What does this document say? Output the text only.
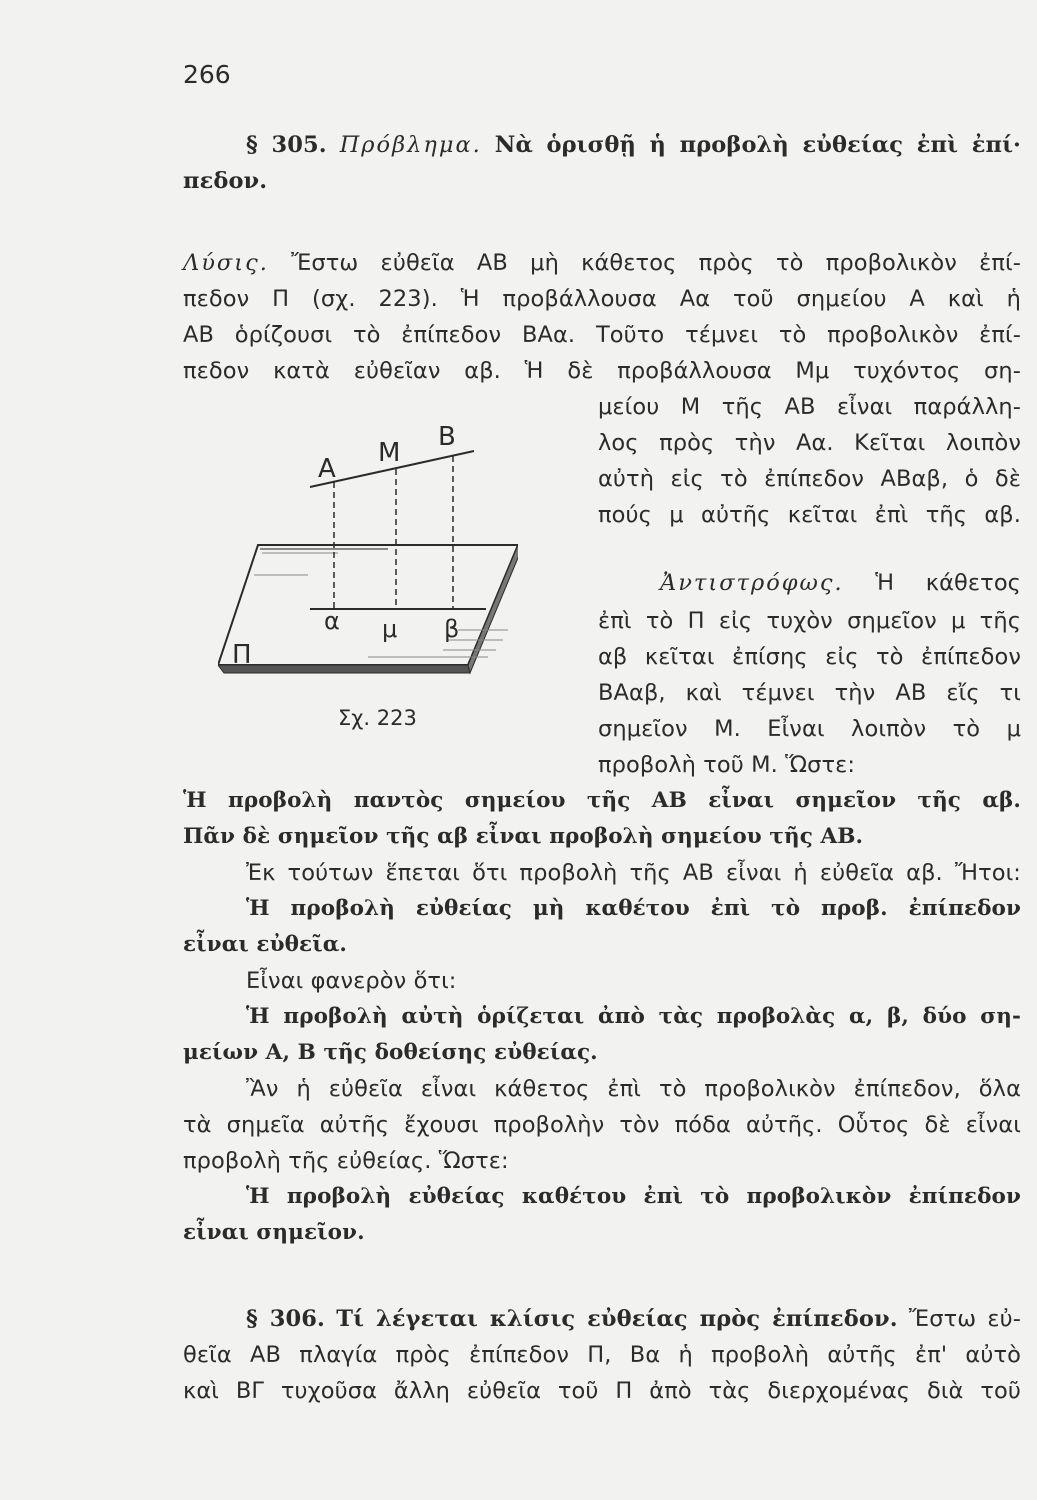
266
§ 305. Πρόβλημα. Νὰ ὁρισθῇ ἡ προβολὴ εὐθείας ἐπὶ ἐπί·
πεδον.
Λύσις. Ἔστω εὐθεῖα ΑΒ μὴ κάθετος πρὸς τὸ προβολικὸν ἐπί-
πεδον Π (σχ. 223). Ἡ προβάλλουσα Αα τοῦ σημείου Α καὶ ἡ
ΑΒ ὁρίζουσι τὸ ἐπίπεδον ΒΑα. Τοῦτο τέμνει τὸ προβολικὸν ἐπί-
πεδον κατὰ εὐθεῖαν αβ. Ἡ δὲ προβάλλουσα Μμ τυχόντος ση-
μείου Μ τῆς ΑΒ εἶναι παράλλη-
λος πρὸς τὴν Αα. Κεῖται λοιπὸν
αὐτὴ εἰς τὸ ἐπίπεδον ΑΒαβ, ὁ δὲ
πούς μ αὐτῆς κεῖται ἐπὶ τῆς αβ.
Ἀντιστρόφως. Ἡ κάθετος
ἐπὶ τὸ Π εἰς τυχὸν σημεῖον μ τῆς
αβ κεῖται ἐπίσης εἰς τὸ ἐπίπεδον
ΒΑαβ, καὶ τέμνει τὴν ΑΒ εἴς τι
σημεῖον Μ. Εἶναι λοιπὸν τὸ μ
προβολὴ τοῦ Μ. Ὥστε:
A
M
B
α μ β
Π
Σχ. 223
Ἡ προβολὴ παντὸς σημείου τῆς ΑΒ εἶναι σημεῖον τῆς αβ.
Πᾶν δὲ σημεῖον τῆς αβ εἶναι προβολὴ σημείου τῆς ΑΒ.
Ἐκ τούτων ἕπεται ὅτι προβολὴ τῆς ΑΒ εἶναι ἡ εὐθεῖα αβ. Ἤτοι:
Ἡ προβολὴ εὐθείας μὴ καθέτου ἐπὶ τὸ προβ. ἐπίπεδον
εἶναι εὐθεῖα.
Εἶναι φανερὸν ὅτι:
Ἡ προβολὴ αὐτὴ ὁρίζεται ἀπὸ τὰς προβολὰς α, β, δύο ση-
μείων Α, Β τῆς δοθείσης εὐθείας.
Ἂν ἡ εὐθεῖα εἶναι κάθετος ἐπὶ τὸ προβολικὸν ἐπίπεδον, ὅλα
τὰ σημεῖα αὐτῆς ἔχουσι προβολὴν τὸν πόδα αὐτῆς. Οὗτος δὲ εἶναι
προβολὴ τῆς εὐθείας. Ὥστε:
Ἡ προβολὴ εὐθείας καθέτου ἐπὶ τὸ προβολικὸν ἐπίπεδον
εἶναι σημεῖον.
§ 306. Τί λέγεται κλίσις εὐθείας πρὸς ἐπίπεδον. Ἔστω εὐ-
θεῖα ΑΒ πλαγία πρὸς ἐπίπεδον Π, Βα ἡ προβολὴ αὐτῆς ἐπ' αὐτὸ
καὶ ΒΓ τυχοῦσα ἄλλη εὐθεῖα τοῦ Π ἀπὸ τὰς διερχομένας διὰ τοῦ
